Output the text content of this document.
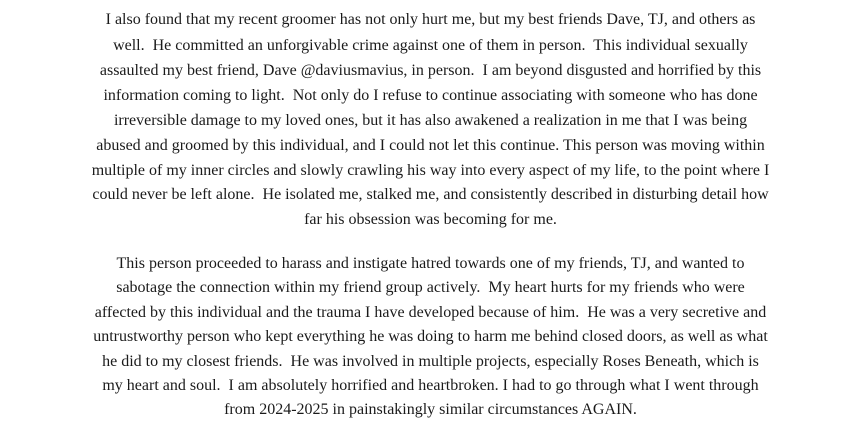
I also found that my recent groomer has not only hurt me, but my best friends Dave, TJ, and others as
well.  He committed an unforgivable crime against one of them in person.  This individual sexually
assaulted my best friend, Dave @daviusmavius, in person.  I am beyond disgusted and horrified by this
information coming to light.  Not only do I refuse to continue associating with someone who has done
irreversible damage to my loved ones, but it has also awakened a realization in me that I was being
abused and groomed by this individual, and I could not let this continue. This person was moving within
multiple of my inner circles and slowly crawling his way into every aspect of my life, to the point where I
could never be left alone.  He isolated me, stalked me, and consistently described in disturbing detail how
far his obsession was becoming for me.
This person proceeded to harass and instigate hatred towards one of my friends, TJ, and wanted to
sabotage the connection within my friend group actively.  My heart hurts for my friends who were
affected by this individual and the trauma I have developed because of him.  He was a very secretive and
untrustworthy person who kept everything he was doing to harm me behind closed doors, as well as what
he did to my closest friends.  He was involved in multiple projects, especially Roses Beneath, which is
my heart and soul.  I am absolutely horrified and heartbroken. I had to go through what I went through
from 2024-2025 in painstakingly similar circumstances AGAIN.
